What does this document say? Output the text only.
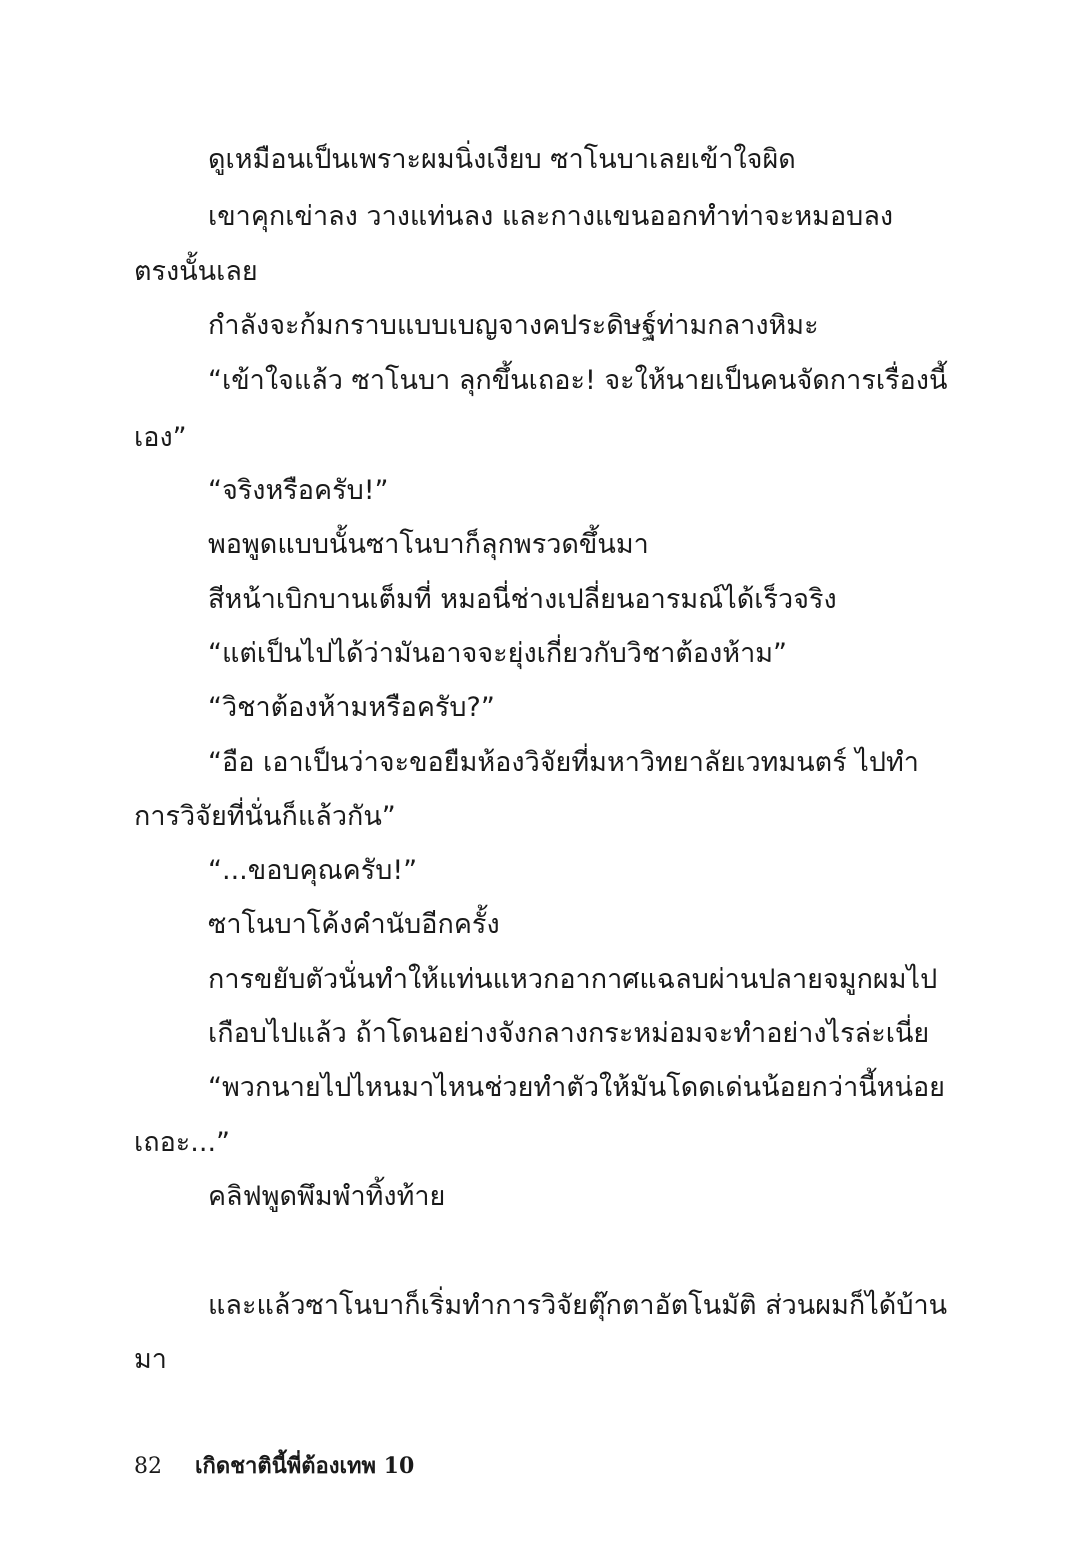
ดูเหมือนเป็นเพราะผมนิ่งเงียบ ซาโนบาเลยเข้าใจผิด
เขาคุกเข่าลง วางแท่นลง และกางแขนออกทำท่าจะหมอบลง
ตรงนั้นเลย
กำลังจะก้มกราบแบบเบญจางคประดิษฐ์ท่ามกลางหิมะ
“เข้าใจแล้ว ซาโนบา ลุกขึ้นเถอะ! จะให้นายเป็นคนจัดการเรื่องนี้
เอง”
“จริงหรือครับ!”
พอพูดแบบนั้นซาโนบาก็ลุกพรวดขึ้นมา
สีหน้าเบิกบานเต็มที่ หมอนี่ช่างเปลี่ยนอารมณ์ได้เร็วจริง
“แต่เป็นไปได้ว่ามันอาจจะยุ่งเกี่ยวกับวิชาต้องห้าม”
“วิชาต้องห้ามหรือครับ?”
“อือ เอาเป็นว่าจะขอยืมห้องวิจัยที่มหาวิทยาลัยเวทมนตร์ ไปทำ
การวิจัยที่นั่นก็แล้วกัน”
“...ขอบคุณครับ!”
ซาโนบาโค้งคำนับอีกครั้ง
การขยับตัวนั่นทำให้แท่นแหวกอากาศแฉลบผ่านปลายจมูกผมไป
เกือบไปแล้ว ถ้าโดนอย่างจังกลางกระหม่อมจะทำอย่างไรล่ะเนี่ย
“พวกนายไปไหนมาไหนช่วยทำตัวให้มันโดดเด่นน้อยกว่านี้หน่อย
เถอะ...”
คลิฟพูดพึมพำทิ้งท้าย
และแล้วซาโนบาก็เริ่มทำการวิจัยตุ๊กตาอัตโนมัติ ส่วนผมก็ได้บ้าน
มา
82 เกิดชาตินี้พี่ต้องเทพ 10
